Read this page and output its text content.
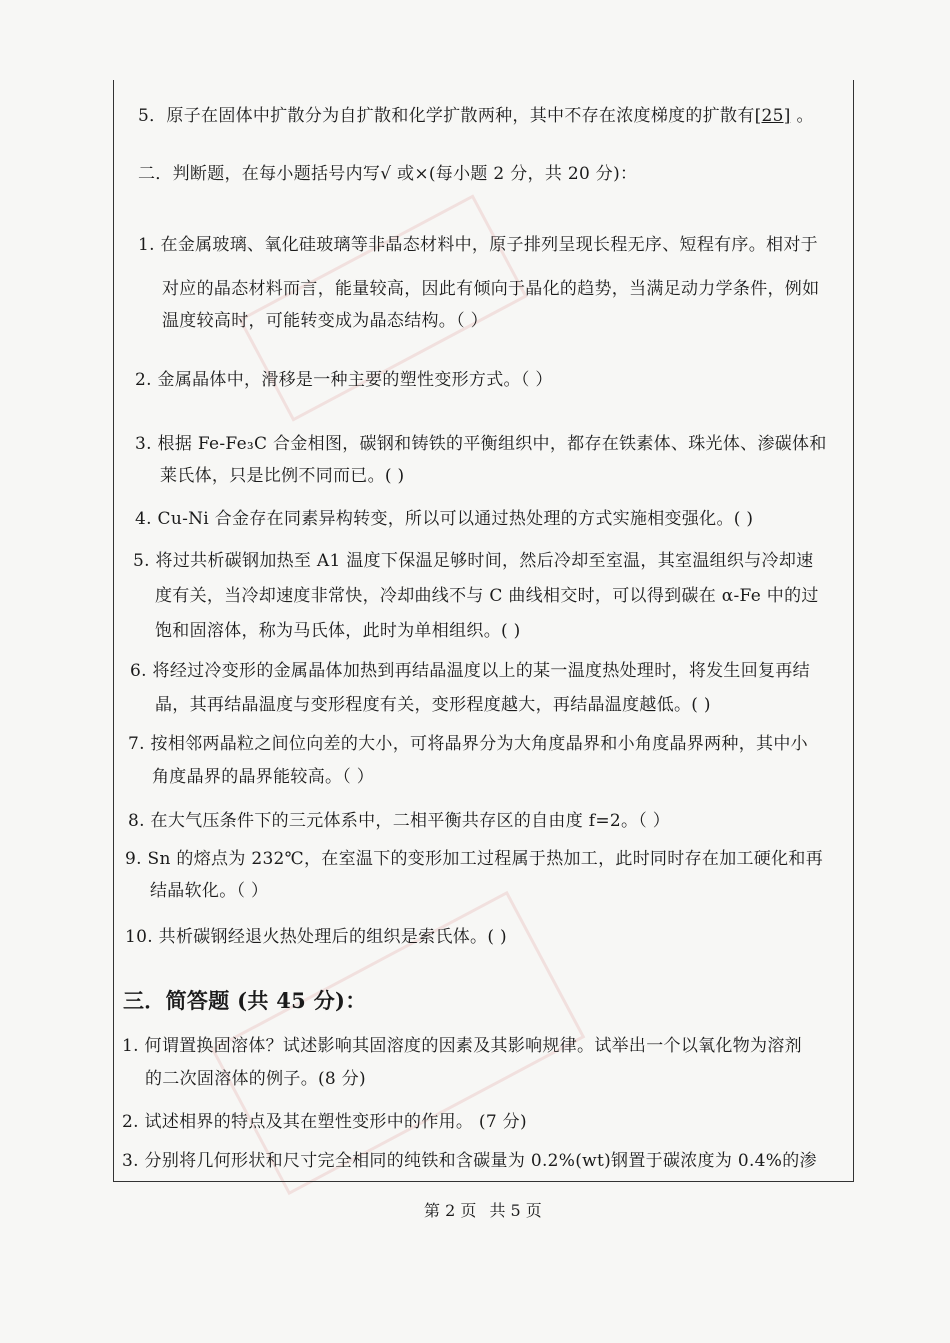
5．原子在固体中扩散分为自扩散和化学扩散两种，其中不存在浓度梯度的扩散有[25] 。
二．判断题，在每小题括号内写√ 或×(每小题 2 分，共 20 分)：
1. 在金属玻璃、氧化硅玻璃等非晶态材料中，原子排列呈现长程无序、短程有序。相对于
对应的晶态材料而言，能量较高，因此有倾向于晶化的趋势，当满足动力学条件，例如
温度较高时，可能转变成为晶态结构。（ ）
2. 金属晶体中，滑移是一种主要的塑性变形方式。（ ）
3. 根据 Fe-Fe₃C 合金相图，碳钢和铸铁的平衡组织中，都存在铁素体、珠光体、渗碳体和
莱氏体，只是比例不同而已。( )
4. Cu-Ni 合金存在同素异构转变，所以可以通过热处理的方式实施相变强化。( )
5. 将过共析碳钢加热至 A1 温度下保温足够时间，然后冷却至室温，其室温组织与冷却速
度有关，当冷却速度非常快，冷却曲线不与 C 曲线相交时，可以得到碳在 α-Fe 中的过
饱和固溶体，称为马氏体，此时为单相组织。( )
6. 将经过冷变形的金属晶体加热到再结晶温度以上的某一温度热处理时，将发生回复再结
晶，其再结晶温度与变形程度有关，变形程度越大，再结晶温度越低。( )
7. 按相邻两晶粒之间位向差的大小，可将晶界分为大角度晶界和小角度晶界两种，其中小
角度晶界的晶界能较高。（ ）
8. 在大气压条件下的三元体系中，二相平衡共存区的自由度 f=2。（ ）
9. Sn 的熔点为 232℃，在室温下的变形加工过程属于热加工，此时同时存在加工硬化和再
结晶软化。（ ）
10. 共析碳钢经退火热处理后的组织是索氏体。( )
三．简答题 (共 45 分)：
1. 何谓置换固溶体？试述影响其固溶度的因素及其影响规律。试举出一个以氧化物为溶剂
的二次固溶体的例子。(8 分)
2. 试述相界的特点及其在塑性变形中的作用。 (7 分)
3. 分别将几何形状和尺寸完全相同的纯铁和含碳量为 0.2%(wt)钢置于碳浓度为 0.4%的渗
第 2 页 共 5 页
